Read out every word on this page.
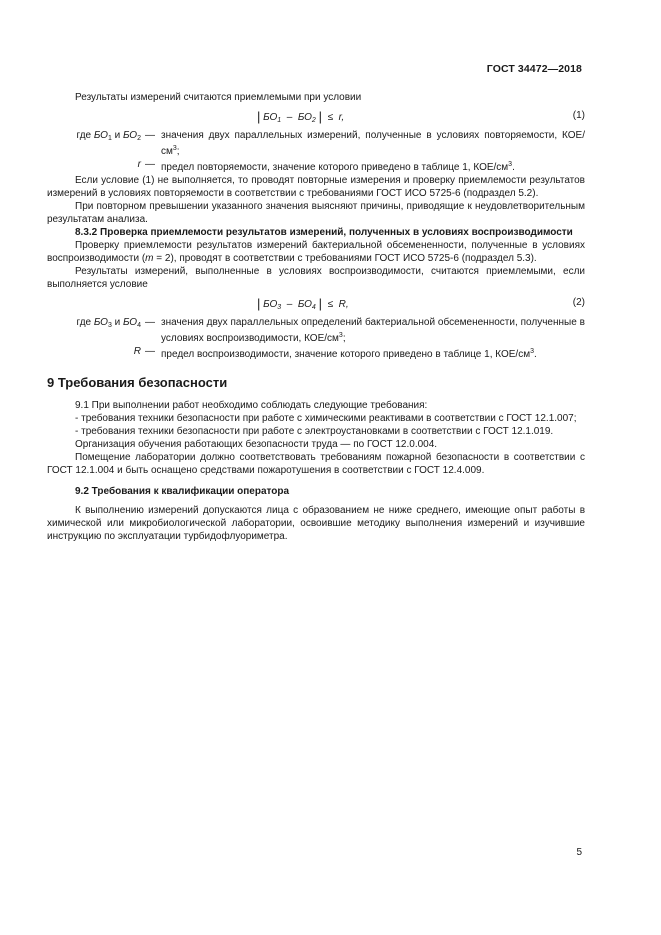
ГОСТ 34472—2018

Результаты измерений считаются приемлемыми при условии

| $БО_1 - БО_2$ | ≤ r,	(1)
где $БО_1$ и $БО_2$	—	значения двух параллельных измерений, полученные в условиях повторяемости, КОЕ/$см^3$;
r	—	предел повторяемости, значение которого приведено в таблице 1, КОЕ/$см^3$.

Если условие (1) не выполняется, то проводят повторные измерения и проверку приемлемости результатов измерений в условиях повторяемости в соответствии с требованиями ГОСТ ИСО 5725-6 (подраздел 5.2).

При повторном превышении указанного значения выясняют причины, приводящие к неудовлетворительным результатам анализа.

8.3.2 Проверка приемлемости результатов измерений, полученных в условиях воспроизводимости

Проверку приемлемости результатов измерений бактериальной обсемененности, полученные в условиях воспроизводимости (m = 2), проводят в соответствии с требованиями ГОСТ ИСО 5725-6 (подраздел 5.3).

Результаты измерений, выполненные в условиях воспроизводимости, считаются приемлемыми, если выполняется условие

| $БО_3 - БО_4$ | ≤ R,	(2)
где $БО_3$ и $БО_4$	—	значения двух параллельных определений бактериальной обсемененности, полученные в условиях воспроизводимости, КОЕ/$см^3$;
R	—	предел воспроизводимости, значение которого приведено в таблице 1, КОЕ/$см^3$.
9 Требования безопасности

9.1 При выполнении работ необходимо соблюдать следующие требования:

- требования техники безопасности при работе с химическими реактивами в соответствии с ГОСТ 12.1.007;

- требования техники безопасности при работе с электроустановками в соответствии с ГОСТ 12.1.019.

Организация обучения работающих безопасности труда — по ГОСТ 12.0.004.

Помещение лаборатории должно соответствовать требованиям пожарной безопасности в соответствии с ГОСТ 12.1.004 и быть оснащено средствами пожаротушения в соответствии с ГОСТ 12.4.009.

9.2 Требования к квалификации оператора

К выполнению измерений допускаются лица с образованием не ниже среднего, имеющие опыт работы в химической или микробиологической лаборатории, освоившие методику выполнения измерений и изучившие инструкцию по эксплуатации турбидофлуориметра.

5
